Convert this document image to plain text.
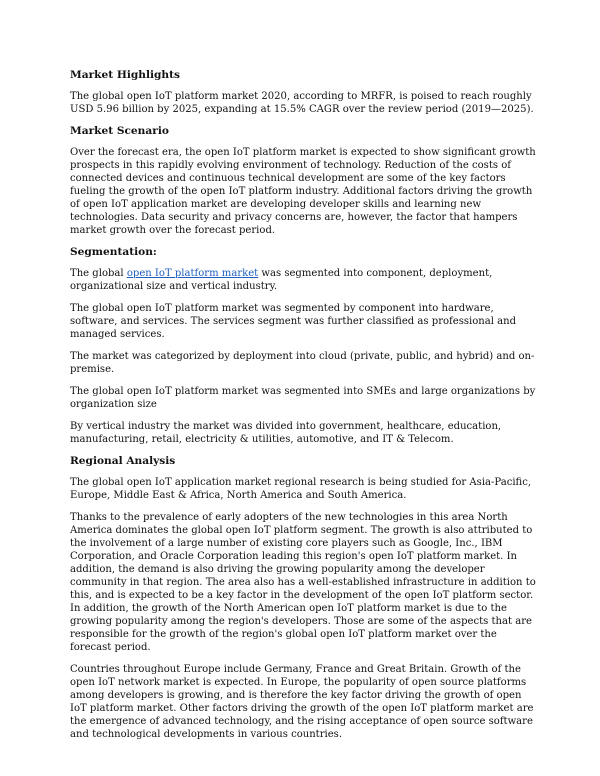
Market Highlights

The global open IoT platform market 2020, according to MRFR, is poised to reach roughly USD 5.96 billion by 2025, expanding at 15.5% CAGR over the review period (2019—2025).

Market Scenario

Over the forecast era, the open IoT platform market is expected to show significant growth prospects in this rapidly evolving environment of technology. Reduction of the costs of connected devices and continuous technical development are some of the key factors fueling the growth of the open IoT platform industry. Additional factors driving the growth of open IoT application market are developing developer skills and learning new technologies. Data security and privacy concerns are, however, the factor that hampers market growth over the forecast period.

Segmentation:

The global open IoT platform market was segmented into component, deployment, organizational size and vertical industry.

The global open IoT platform market was segmented by component into hardware, software, and services. The services segment was further classified as professional and managed services.

The market was categorized by deployment into cloud (private, public, and hybrid) and on-premise.

The global open IoT platform market was segmented into SMEs and large organizations by organization size

By vertical industry the market was divided into government, healthcare, education, manufacturing, retail, electricity & utilities, automotive, and IT & Telecom.

Regional Analysis

The global open IoT application market regional research is being studied for Asia-Pacific, Europe, Middle East & Africa, North America and South America.

Thanks to the prevalence of early adopters of the new technologies in this area North America dominates the global open IoT platform segment. The growth is also attributed to the involvement of a large number of existing core players such as Google, Inc., IBM Corporation, and Oracle Corporation leading this region's open IoT platform market. In addition, the demand is also driving the growing popularity among the developer community in that region. The area also has a well-established infrastructure in addition to this, and is expected to be a key factor in the development of the open IoT platform sector. In addition, the growth of the North American open IoT platform market is due to the growing popularity among the region's developers. Those are some of the aspects that are responsible for the growth of the region's global open IoT platform market over the forecast period.

Countries throughout Europe include Germany, France and Great Britain. Growth of the open IoT network market is expected. In Europe, the popularity of open source platforms among developers is growing, and is therefore the key factor driving the growth of open IoT platform market. Other factors driving the growth of the open IoT platform market are the emergence of advanced technology, and the rising acceptance of open source software and technological developments in various countries.
